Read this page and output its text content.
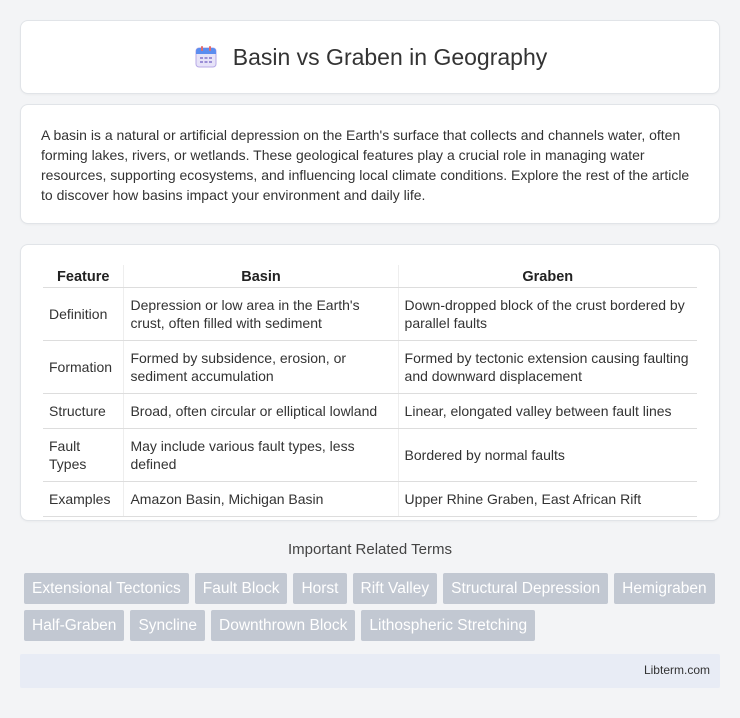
Basin vs Graben in Geography

A basin is a natural or artificial depression on the Earth's surface that collects and channels water, often forming lakes, rivers, or wetlands. These geological features play a crucial role in managing water resources, supporting ecosystems, and influencing local climate conditions. Explore the rest of the article to discover how basins impact your environment and daily life.

Feature	Basin	Graben
Definition	Depression or low area in the Earth's crust, often filled with sediment	Down-dropped block of the crust bordered by parallel faults
Formation	Formed by subsidence, erosion, or sediment accumulation	Formed by tectonic extension causing faulting and downward displacement
Structure	Broad, often circular or elliptical lowland	Linear, elongated valley between fault lines
Fault Types	May include various fault types, less defined	Bordered by normal faults
Examples	Amazon Basin, Michigan Basin	Upper Rhine Graben, East African Rift
Important Related Terms
Extensional Tectonics	Fault Block	Horst	Rift Valley	Structural Depression	Hemigraben
Half-Graben	Syncline	Downthrown Block	Lithospheric Stretching
Libterm.com
